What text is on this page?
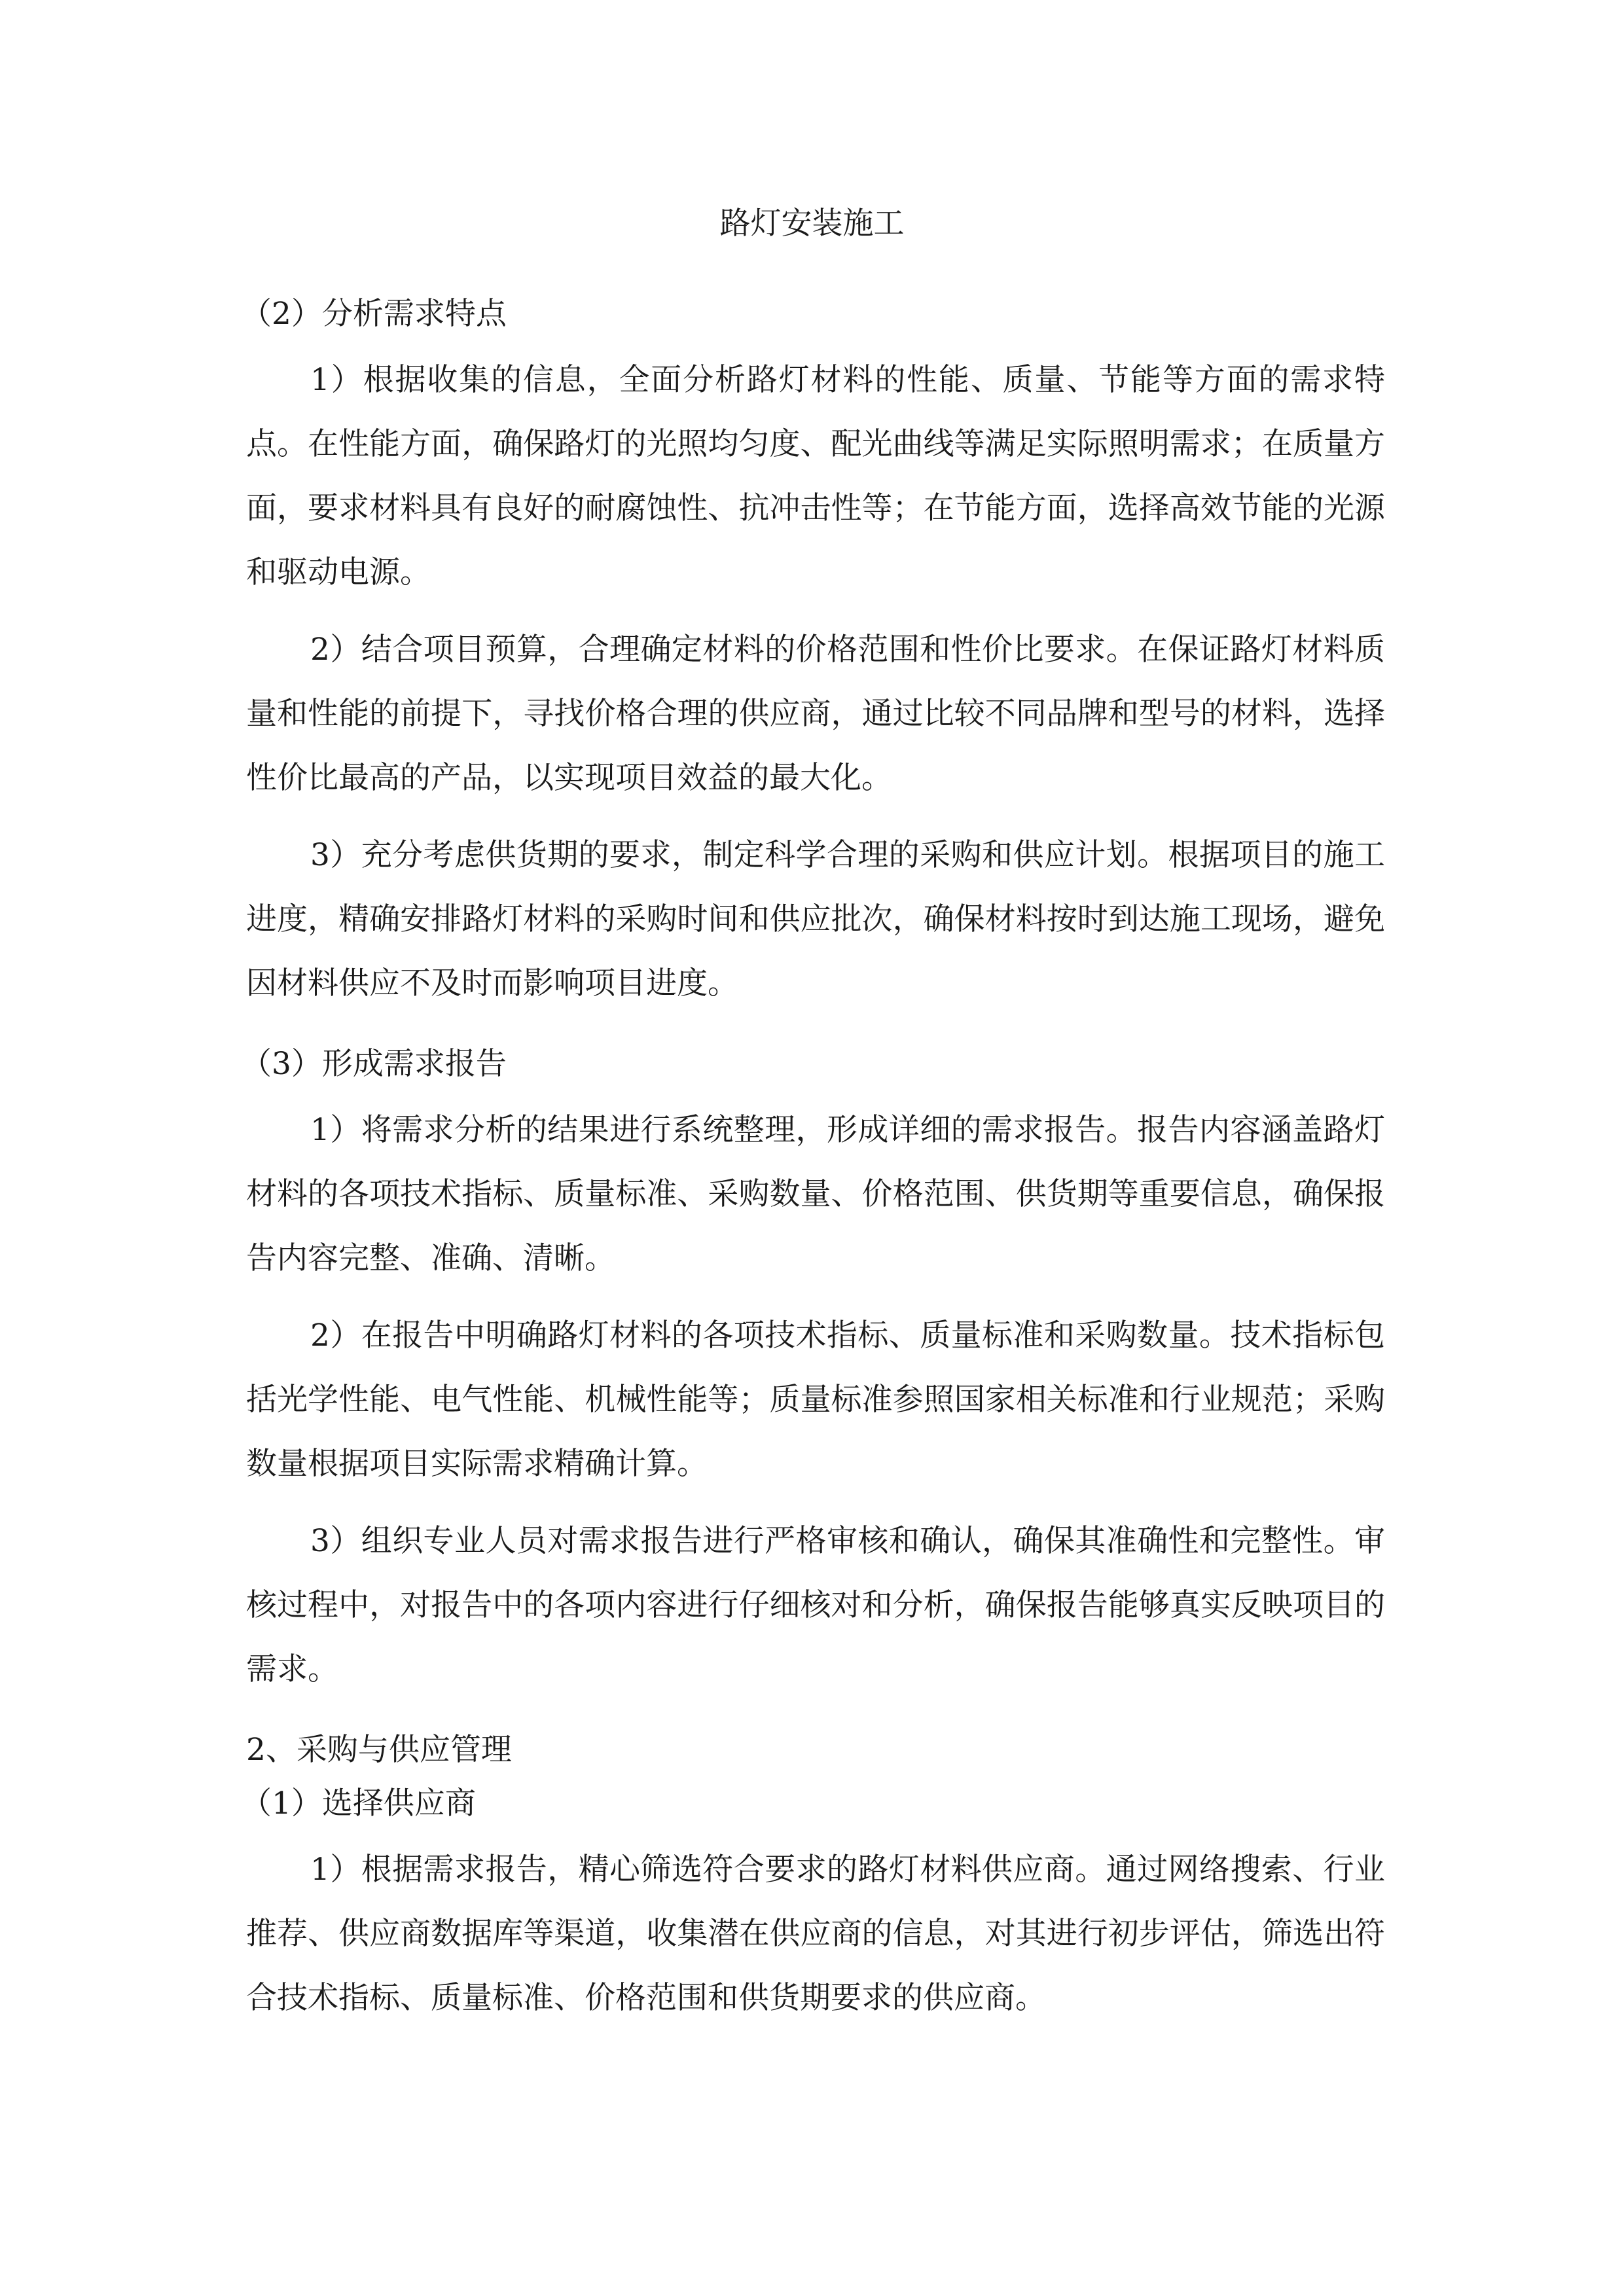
路灯安装施工

（2）分析需求特点

1）根据收集的信息，全面分析路灯材料的性能、质量、节能等方面的需求特点。在性能方面，确保路灯的光照均匀度、配光曲线等满足实际照明需求；在质量方面，要求材料具有良好的耐腐蚀性、抗冲击性等；在节能方面，选择高效节能的光源和驱动电源。

2）结合项目预算，合理确定材料的价格范围和性价比要求。在保证路灯材料质量和性能的前提下，寻找价格合理的供应商，通过比较不同品牌和型号的材料，选择性价比最高的产品，以实现项目效益的最大化。

3）充分考虑供货期的要求，制定科学合理的采购和供应计划。根据项目的施工进度，精确安排路灯材料的采购时间和供应批次，确保材料按时到达施工现场，避免因材料供应不及时而影响项目进度。

（3）形成需求报告

1）将需求分析的结果进行系统整理，形成详细的需求报告。报告内容涵盖路灯材料的各项技术指标、质量标准、采购数量、价格范围、供货期等重要信息，确保报告内容完整、准确、清晰。

2）在报告中明确路灯材料的各项技术指标、质量标准和采购数量。技术指标包括光学性能、电气性能、机械性能等；质量标准参照国家相关标准和行业规范；采购数量根据项目实际需求精确计算。

3）组织专业人员对需求报告进行严格审核和确认，确保其准确性和完整性。审核过程中，对报告中的各项内容进行仔细核对和分析，确保报告能够真实反映项目的需求。

2、采购与供应管理

（1）选择供应商

1）根据需求报告，精心筛选符合要求的路灯材料供应商。通过网络搜索、行业推荐、供应商数据库等渠道，收集潜在供应商的信息，对其进行初步评估，筛选出符合技术指标、质量标准、价格范围和供货期要求的供应商。
